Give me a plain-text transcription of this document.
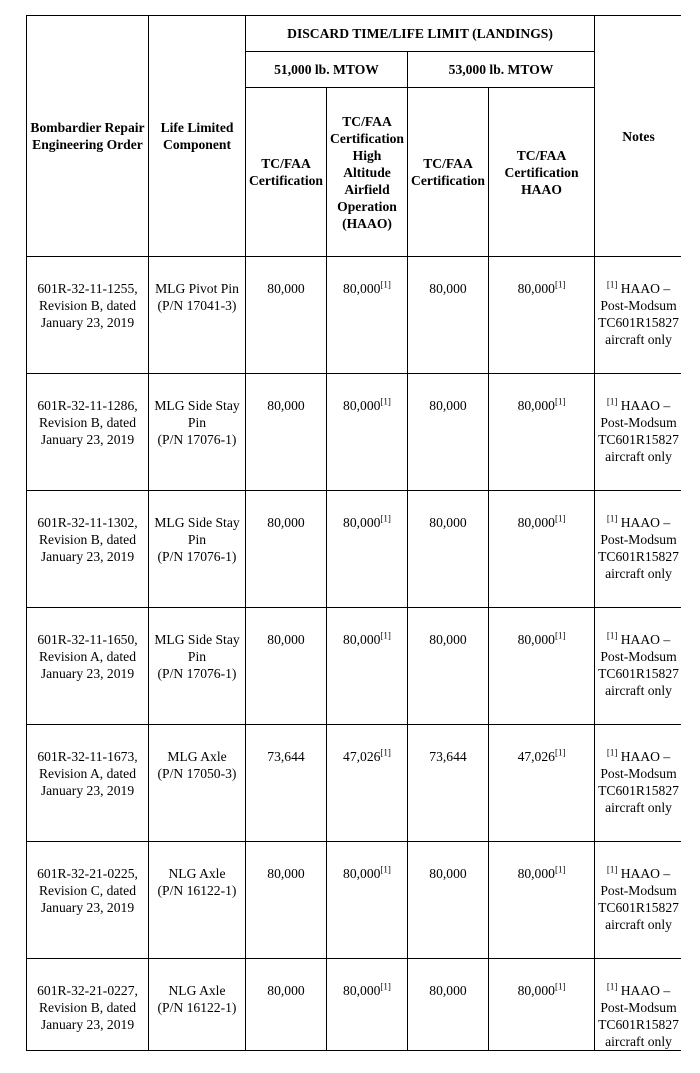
Bombardier Repair Engineering Order	Life Limited Component	DISCARD TIME/LIFE LIMIT (LANDINGS)				Notes
		51,000 lb. MTOW		53,000 lb. MTOW		
		TC/FAA Certification	TC/FAA Certification High Altitude Airfield Operation (HAAO)	TC/FAA Certification	TC/FAA Certification HAAO	

601R-32-11-1255,
Revision B, dated
January 23, 2019	MLG Pivot Pin
(P/N 17041-3)	80,000	80,000[1]	80,000	80,000[1]	[1] HAAO – Post-Modsum TC601R15827 aircraft only

601R-32-11-1286,
Revision B, dated
January 23, 2019	MLG Side Stay Pin
(P/N 17076-1)	80,000	80,000[1]	80,000	80,000[1]	[1] HAAO – Post-Modsum TC601R15827 aircraft only

601R-32-11-1302,
Revision B, dated
January 23, 2019	MLG Side Stay Pin
(P/N 17076-1)	80,000	80,000[1]	80,000	80,000[1]	[1] HAAO – Post-Modsum TC601R15827 aircraft only

601R-32-11-1650,
Revision A, dated
January 23, 2019	MLG Side Stay Pin
(P/N 17076-1)	80,000	80,000[1]	80,000	80,000[1]	[1] HAAO – Post-Modsum TC601R15827 aircraft only

601R-32-11-1673,
Revision A, dated
January 23, 2019	MLG Axle
(P/N 17050-3)	73,644	47,026[1]	73,644	47,026[1]	[1] HAAO – Post-Modsum TC601R15827 aircraft only

601R-32-21-0225,
Revision C, dated
January 23, 2019	NLG Axle
(P/N 16122-1)	80,000	80,000[1]	80,000	80,000[1]	[1] HAAO – Post-Modsum TC601R15827 aircraft only

601R-32-21-0227,
Revision B, dated
January 23, 2019	NLG Axle
(P/N 16122-1)	80,000	80,000[1]	80,000	80,000[1]	[1] HAAO – Post-Modsum TC601R15827 aircraft only
